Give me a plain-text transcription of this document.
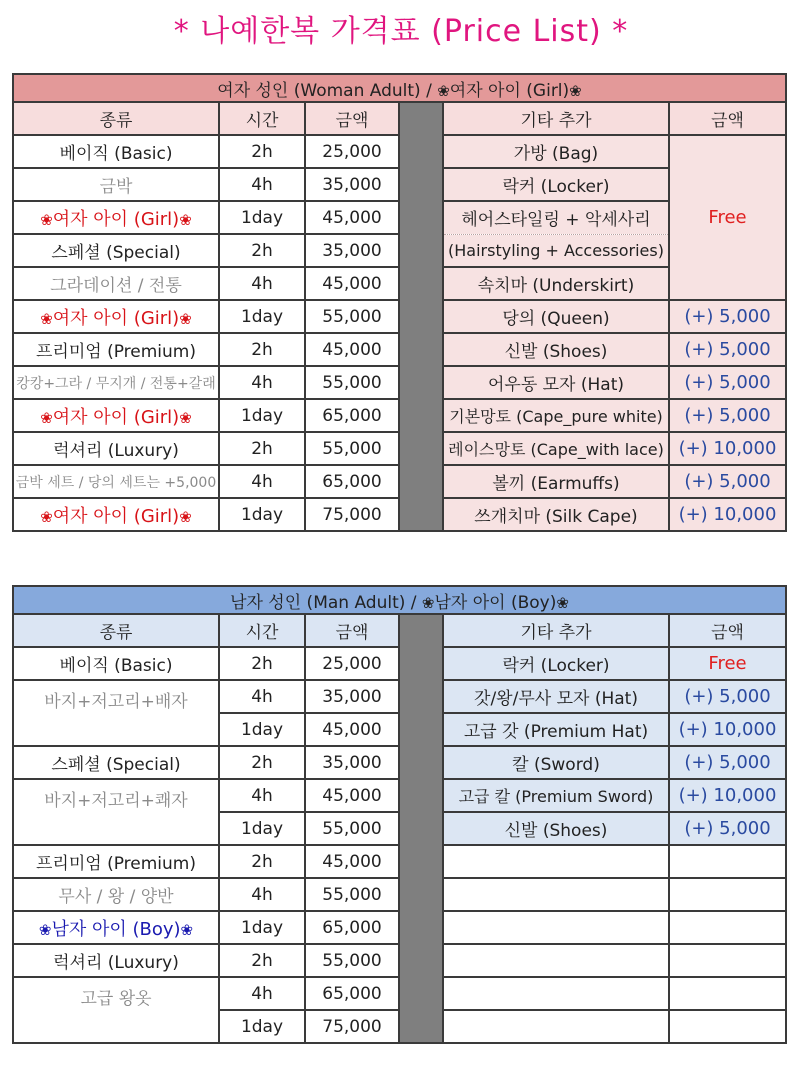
* 나예한복 가격표 (Price List) *
여자 성인 (Woman Adult) / ❀여자 아이 (Girl)❀					
종류	시간	금액		기타 추가	금액
베이직 (Basic)	2h	25,000		가방 (Bag)	Free
금박	4h	35,000		락커 (Locker)	
❀여자 아이 (Girl)❀	1day	45,000		헤어스타일링 + 악세사리	
스페셜 (Special)	2h	35,000		(Hairstyling + Accessories)	
그라데이션 / 전통	4h	45,000		속치마 (Underskirt)	
❀여자 아이 (Girl)❀	1day	55,000		당의 (Queen)	(+) 5,000
프리미엄 (Premium)	2h	45,000		신발 (Shoes)	(+) 5,000
캉캉+그라 / 무지개 / 전통+갈래	4h	55,000		어우동 모자 (Hat)	(+) 5,000
❀여자 아이 (Girl)❀	1day	65,000		기본망토 (Cape_pure white)	(+) 5,000
럭셔리 (Luxury)	2h	55,000		레이스망토 (Cape_with lace)	(+) 10,000
금박 세트 / 당의 세트는 +5,000	4h	65,000		볼끼 (Earmuffs)	(+) 5,000
❀여자 아이 (Girl)❀	1day	75,000		쓰개치마 (Silk Cape)	(+) 10,000
남자 성인 (Man Adult) / ❀남자 아이 (Boy)❀					
종류	시간	금액		기타 추가	금액
베이직 (Basic)	2h	25,000		락커 (Locker)	Free
바지+저고리+배자	4h	35,000		갓/왕/무사 모자 (Hat)	(+) 5,000
	1day	45,000		고급 갓 (Premium Hat)	(+) 10,000
스페셜 (Special)	2h	35,000		칼 (Sword)	(+) 5,000
바지+저고리+쾌자	4h	45,000		고급 칼 (Premium Sword)	(+) 10,000
	1day	55,000		신발 (Shoes)	(+) 5,000
프리미엄 (Premium)	2h	45,000			
무사 / 왕 / 양반	4h	55,000			
❀남자 아이 (Boy)❀	1day	65,000			
럭셔리 (Luxury)	2h	55,000			
고급 왕옷	4h	65,000			
	1day	75,000			
